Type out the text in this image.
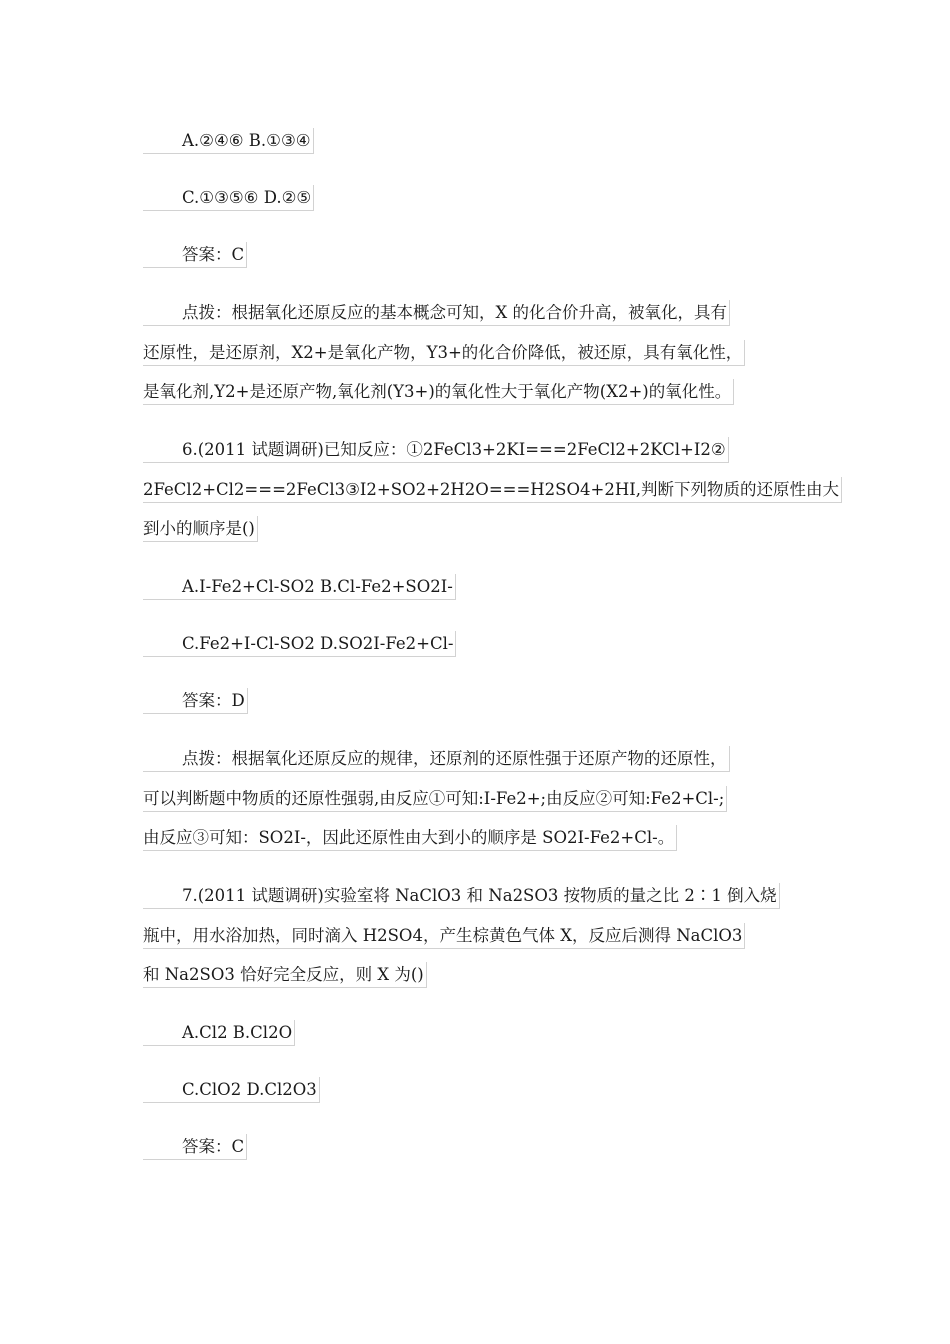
A.②④⑥ B.①③④
C.①③⑤⑥ D.②⑤
答案：C
点拨：根据氧化还原反应的基本概念可知，X 的化合价升高，被氧化，具有
还原性，是还原剂，X2+是氧化产物，Y3+的化合价降低，被还原，具有氧化性，
是氧化剂,Y2+是还原产物,氧化剂(Y3+)的氧化性大于氧化产物(X2+)的氧化性。
6.(2011 试题调研)已知反应：①2FeCl3+2KI===2FeCl2+2KCl+I2②
2FeCl2+Cl2===2FeCl3③I2+SO2+2H2O===H2SO4+2HI,判断下列物质的还原性由大
到小的顺序是()
A.I-Fe2+Cl-SO2 B.Cl-Fe2+SO2I-
C.Fe2+I-Cl-SO2 D.SO2I-Fe2+Cl-
答案：D
点拨：根据氧化还原反应的规律，还原剂的还原性强于还原产物的还原性，
可以判断题中物质的还原性强弱,由反应①可知:I-Fe2+;由反应②可知:Fe2+Cl-;
由反应③可知：SO2I-，因此还原性由大到小的顺序是 SO2I-Fe2+Cl-。
7.(2011 试题调研)实验室将 NaClO3 和 Na2SO3 按物质的量之比 2∶1 倒入烧
瓶中，用水浴加热，同时滴入 H2SO4，产生棕黄色气体 X，反应后测得 NaClO3
和 Na2SO3 恰好完全反应，则 X 为()
A.Cl2 B.Cl2O
C.ClO2 D.Cl2O3
答案：C
